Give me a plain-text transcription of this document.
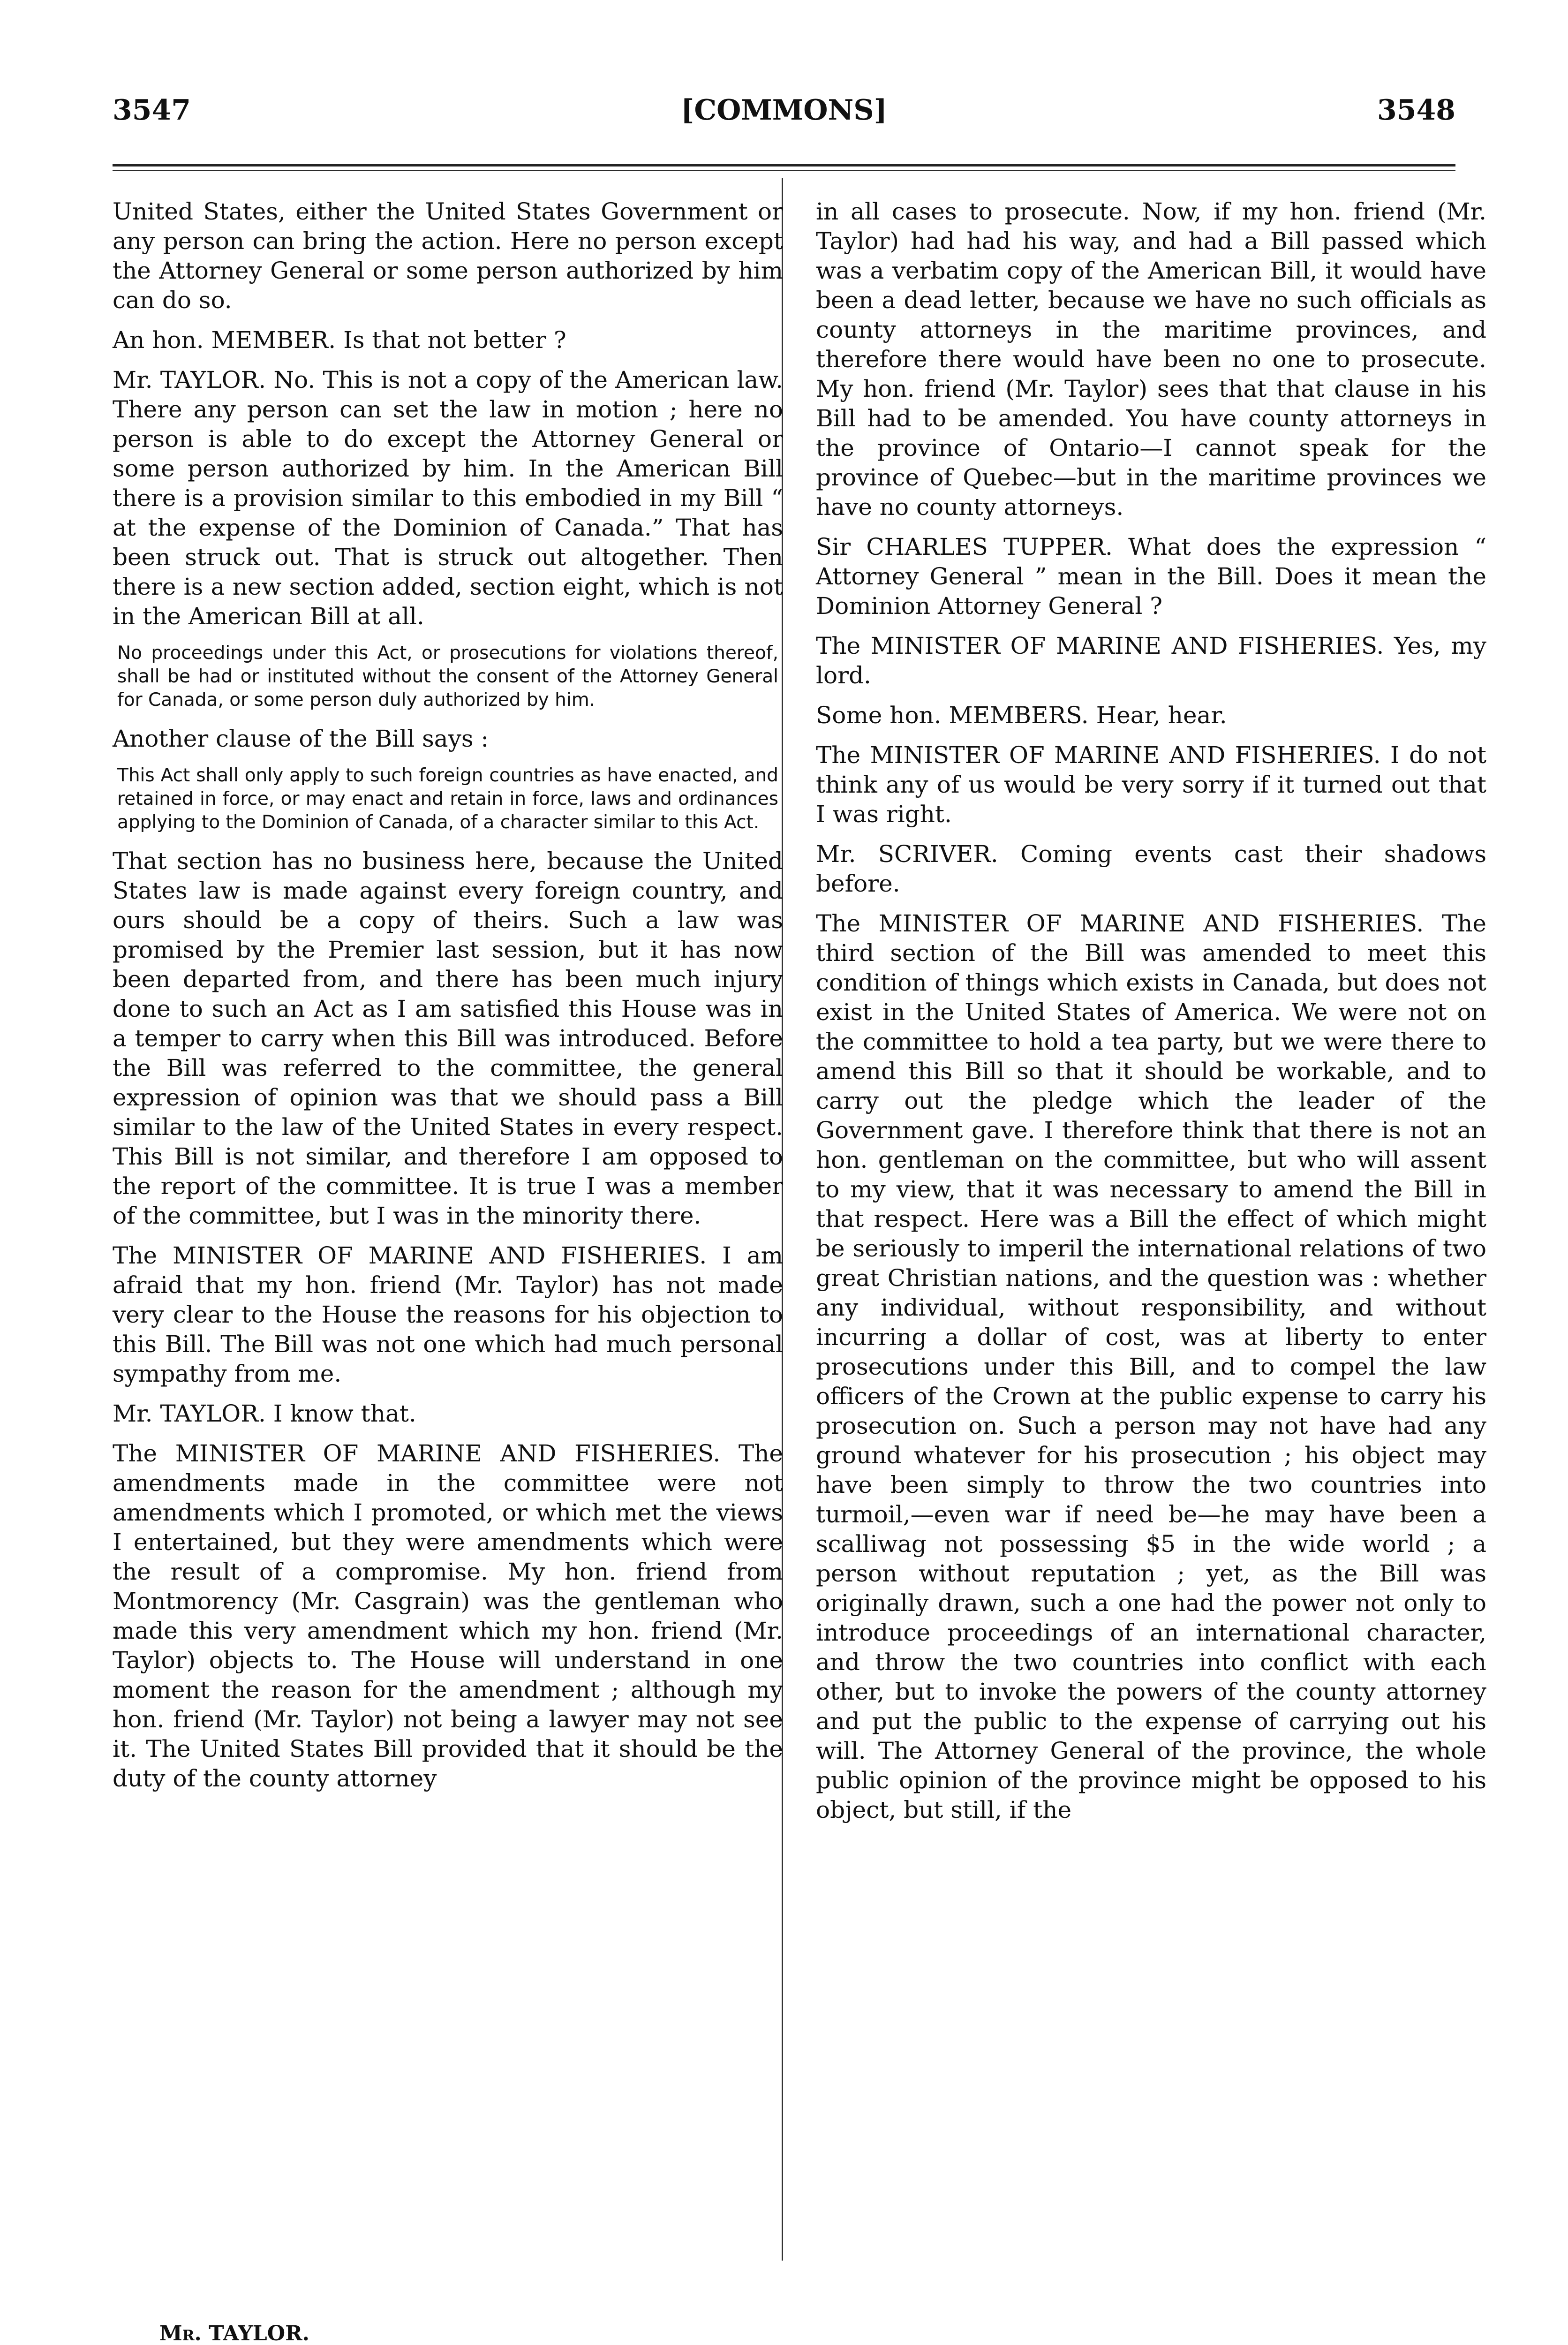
3547	[COMMONS]	3548

United States, either the United States Government or any person can bring the action. Here no person except the Attorney General or some person authorized by him can do so.

An hon. MEMBER. Is that not better ?

Mr. TAYLOR. No. This is not a copy of the American law. There any person can set the law in motion ; here no person is able to do except the Attorney General or some person authorized by him. In the American Bill there is a provision similar to this embodied in my Bill “ at the expense of the Dominion of Canada.” That has been struck out. That is struck out altogether. Then there is a new section added, section eight, which is not in the American Bill at all.

No proceedings under this Act, or prosecutions for violations thereof, shall be had or instituted without the consent of the Attorney General for Canada, or some person duly authorized by him.

Another clause of the Bill says :

This Act shall only apply to such foreign countries as have enacted, and retained in force, or may enact and retain in force, laws and ordinances applying to the Dominion of Canada, of a character similar to this Act.

That section has no business here, because the United States law is made against every foreign country, and ours should be a copy of theirs. Such a law was promised by the Premier last session, but it has now been departed from, and there has been much injury done to such an Act as I am satisfied this House was in a temper to carry when this Bill was introduced. Before the Bill was referred to the committee, the general expression of opinion was that we should pass a Bill similar to the law of the United States in every respect. This Bill is not similar, and therefore I am opposed to the report of the committee. It is true I was a member of the committee, but I was in the minority there.

The MINISTER OF MARINE AND FISHERIES. I am afraid that my hon. friend (Mr. Taylor) has not made very clear to the House the reasons for his objection to this Bill. The Bill was not one which had much personal sympathy from me.

Mr. TAYLOR. I know that.

The MINISTER OF MARINE AND FISHERIES. The amendments made in the committee were not amendments which I promoted, or which met the views I entertained, but they were amendments which were the result of a compromise. My hon. friend from Montmorency (Mr. Casgrain) was the gentleman who made this very amendment which my hon. friend (Mr. Taylor) objects to. The House will understand in one moment the reason for the amendment ; although my hon. friend (Mr. Taylor) not being a lawyer may not see it. The United States Bill provided that it should be the duty of the county attorney

in all cases to prosecute. Now, if my hon. friend (Mr. Taylor) had had his way, and had a Bill passed which was a verbatim copy of the American Bill, it would have been a dead letter, because we have no such officials as county attorneys in the maritime provinces, and therefore there would have been no one to prosecute. My hon. friend (Mr. Taylor) sees that that clause in his Bill had to be amended. You have county attorneys in the province of Ontario—I cannot speak for the province of Quebec—but in the maritime provinces we have no county attorneys.

Sir CHARLES TUPPER. What does the expression “ Attorney General ” mean in the Bill. Does it mean the Dominion Attorney General ?

The MINISTER OF MARINE AND FISHERIES. Yes, my lord.

Some hon. MEMBERS. Hear, hear.

The MINISTER OF MARINE AND FISHERIES. I do not think any of us would be very sorry if it turned out that I was right.

Mr. SCRIVER. Coming events cast their shadows before.

The MINISTER OF MARINE AND FISHERIES. The third section of the Bill was amended to meet this condition of things which exists in Canada, but does not exist in the United States of America. We were not on the committee to hold a tea party, but we were there to amend this Bill so that it should be workable, and to carry out the pledge which the leader of the Government gave. I therefore think that there is not an hon. gentleman on the committee, but who will assent to my view, that it was necessary to amend the Bill in that respect. Here was a Bill the effect of which might be seriously to imperil the international relations of two great Christian nations, and the question was : whether any individual, without responsibility, and without incurring a dollar of cost, was at liberty to enter prosecutions under this Bill, and to compel the law officers of the Crown at the public expense to carry his prosecution on. Such a person may not have had any ground whatever for his prosecution ; his object may have been simply to throw the two countries into turmoil,—even war if need be—he may have been a scalliwag not possessing $5 in the wide world ; a person without reputation ; yet, as the Bill was originally drawn, such a one had the power not only to introduce proceedings of an international character, and throw the two countries into conflict with each other, but to invoke the powers of the county attorney and put the public to the expense of carrying out his will. The Attorney General of the province, the whole public opinion of the province might be opposed to his object, but still, if the

Mr. TAYLOR.
